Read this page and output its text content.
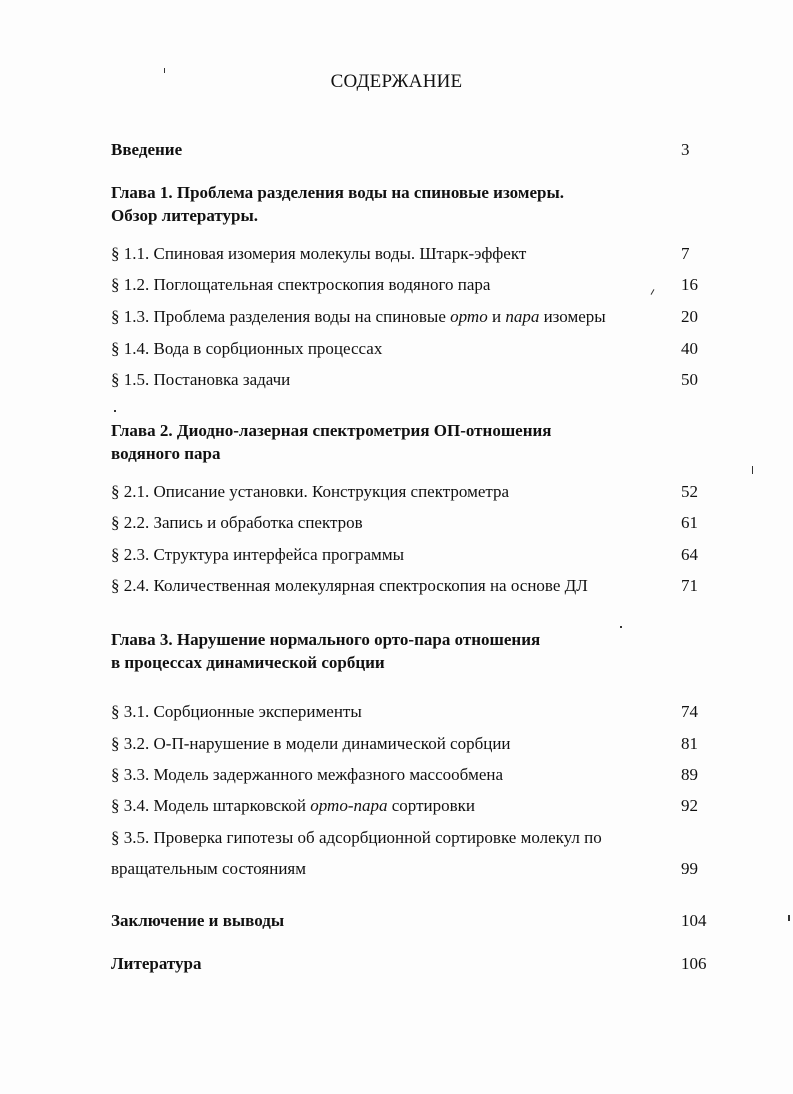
СОДЕРЖАНИЕ
Введение	3
Глава 1. Проблема разделения воды на спиновые изомеры.
Обзор литературы.
§ 1.1. Спиновая изомерия молекулы воды. Штарк-эффект	7
§ 1.2. Поглощательная спектроскопия водяного пара	16
§ 1.3. Проблема разделения воды на спиновые орто и пара изомеры	20
§ 1.4. Вода в сорбционных процессах	40
§ 1.5. Постановка задачи	50
Глава 2. Диодно-лазерная спектрометрия ОП-отношения
водяного пара
§ 2.1. Описание установки. Конструкция спектрометра	52
§ 2.2. Запись и обработка спектров	61
§ 2.3. Структура интерфейса программы	64
§ 2.4. Количественная молекулярная спектроскопия на основе ДЛ	71
Глава 3. Нарушение нормального орто-пара отношения
в процессах динамической сорбции
§ 3.1. Сорбционные эксперименты	74
§ 3.2. О-П-нарушение в модели динамической сорбции	81
§ 3.3. Модель задержанного межфазного массообмена	89
§ 3.4. Модель штарковской орто-пара сортировки	92
§ 3.5. Проверка гипотезы об адсорбционной сортировке молекул по
вращательным состояниям	99
Заключение и выводы	104
Литература	106
